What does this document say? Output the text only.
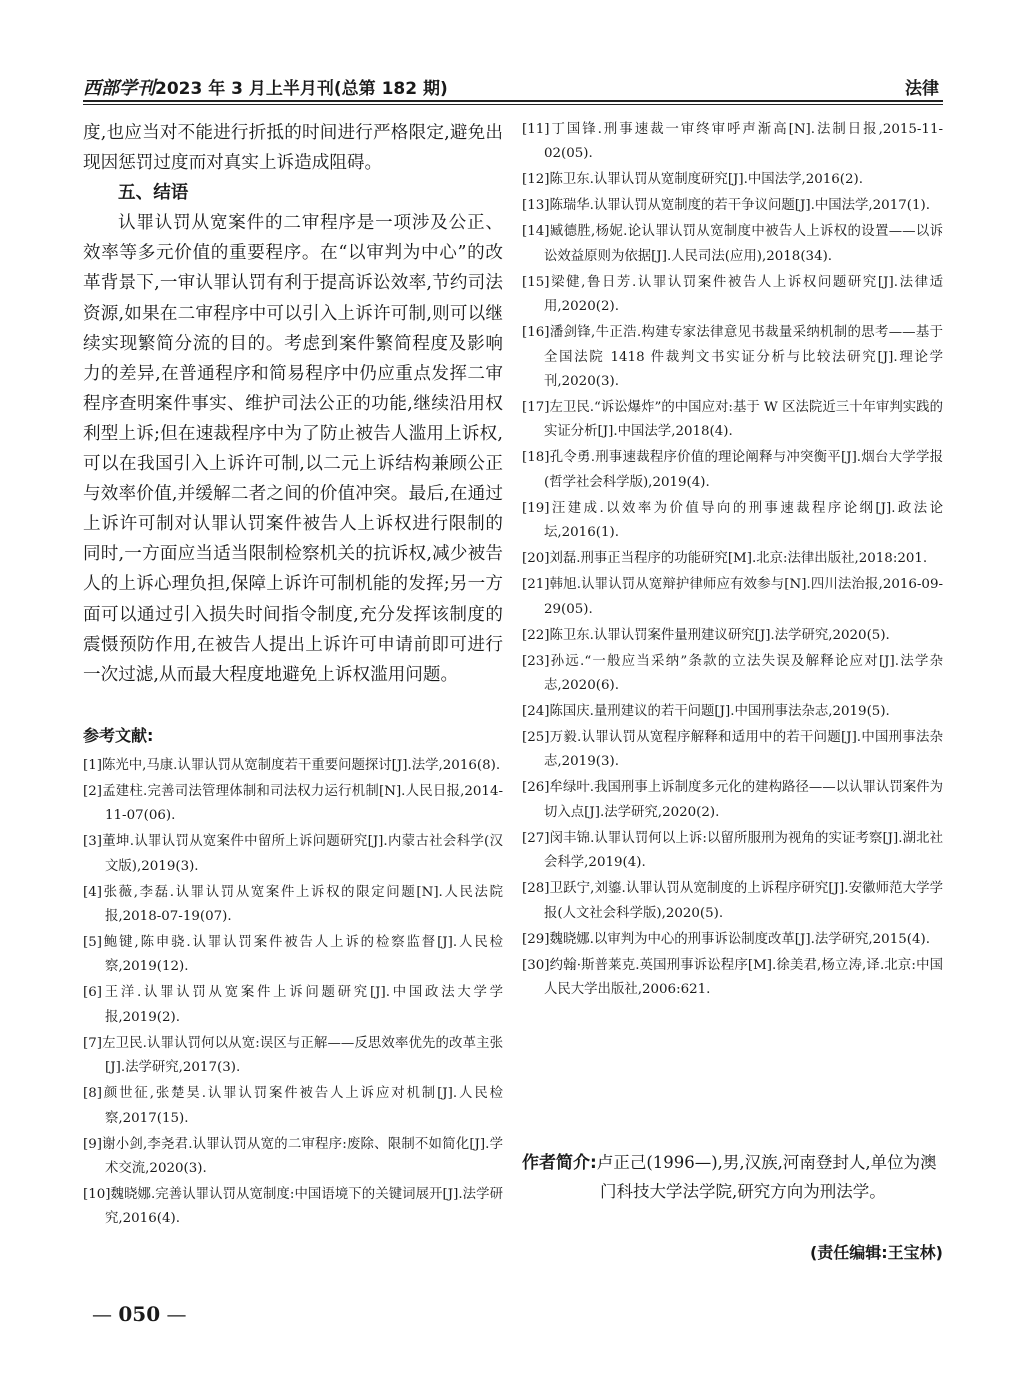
西部学刊2023 年 3 月上半月刊(总第 182 期)	法律

度,也应当对不能进行折抵的时间进行严格限定,避免出现因惩罚过度而对真实上诉造成阻碍。

五、结语

认罪认罚从宽案件的二审程序是一项涉及公正、效率等多元价值的重要程序。在“以审判为中心”的改革背景下,一审认罪认罚有利于提高诉讼效率,节约司法资源,如果在二审程序中可以引入上诉许可制,则可以继续实现繁简分流的目的。考虑到案件繁简程度及影响力的差异,在普通程序和简易程序中仍应重点发挥二审程序查明案件事实、维护司法公正的功能,继续沿用权利型上诉;但在速裁程序中为了防止被告人滥用上诉权,可以在我国引入上诉许可制,以二元上诉结构兼顾公正与效率价值,并缓解二者之间的价值冲突。最后,在通过上诉许可制对认罪认罚案件被告人上诉权进行限制的同时,一方面应当适当限制检察机关的抗诉权,减少被告人的上诉心理负担,保障上诉许可制机能的发挥;另一方面可以通过引入损失时间指令制度,充分发挥该制度的震慑预防作用,在被告人提出上诉许可申请前即可进行一次过滤,从而最大程度地避免上诉权滥用问题。

参考文献:

[1]陈光中,马康.认罪认罚从宽制度若干重要问题探讨[J].法学,2016(8).

[2]孟建柱.完善司法管理体制和司法权力运行机制[N].人民日报,2014-11-07(06).

[3]董坤.认罪认罚从宽案件中留所上诉问题研究[J].内蒙古社会科学(汉文版),2019(3).

[4]张薇,李磊.认罪认罚从宽案件上诉权的限定问题[N].人民法院报,2018-07-19(07).

[5]鲍键,陈申骁.认罪认罚案件被告人上诉的检察监督[J].人民检察,2019(12).

[6]王洋.认罪认罚从宽案件上诉问题研究[J].中国政法大学学报,2019(2).

[7]左卫民.认罪认罚何以从宽:误区与正解——反思效率优先的改革主张[J].法学研究,2017(3).

[8]颜世征,张楚昊.认罪认罚案件被告人上诉应对机制[J].人民检察,2017(15).

[9]谢小剑,李尧君.认罪认罚从宽的二审程序:废除、限制不如简化[J].学术交流,2020(3).

[10]魏晓娜.完善认罪认罚从宽制度:中国语境下的关键词展开[J].法学研究,2016(4).

[11]丁国锋.刑事速裁一审终审呼声渐高[N].法制日报,2015-11-02(05).

[12]陈卫东.认罪认罚从宽制度研究[J].中国法学,2016(2).

[13]陈瑞华.认罪认罚从宽制度的若干争议问题[J].中国法学,2017(1).

[14]臧德胜,杨妮.论认罪认罚从宽制度中被告人上诉权的设置——以诉讼效益原则为依据[J].人民司法(应用),2018(34).

[15]梁健,鲁日芳.认罪认罚案件被告人上诉权问题研究[J].法律适用,2020(2).

[16]潘剑锋,牛正浩.构建专家法律意见书裁量采纳机制的思考——基于全国法院 1418 件裁判文书实证分析与比较法研究[J].理论学刊,2020(3).

[17]左卫民.“诉讼爆炸”的中国应对:基于 W 区法院近三十年审判实践的实证分析[J].中国法学,2018(4).

[18]孔令勇.刑事速裁程序价值的理论阐释与冲突衡平[J].烟台大学学报(哲学社会科学版),2019(4).

[19]汪建成.以效率为价值导向的刑事速裁程序论纲[J].政法论坛,2016(1).

[20]刘磊.刑事正当程序的功能研究[M].北京:法律出版社,2018:201.

[21]韩旭.认罪认罚从宽辩护律师应有效参与[N].四川法治报,2016-09-29(05).

[22]陈卫东.认罪认罚案件量刑建议研究[J].法学研究,2020(5).

[23]孙远.“一般应当采纳”条款的立法失误及解释论应对[J].法学杂志,2020(6).

[24]陈国庆.量刑建议的若干问题[J].中国刑事法杂志,2019(5).

[25]万毅.认罪认罚从宽程序解释和适用中的若干问题[J].中国刑事法杂志,2019(3).

[26]牟绿叶.我国刑事上诉制度多元化的建构路径——以认罪认罚案件为切入点[J].法学研究,2020(2).

[27]闵丰锦.认罪认罚何以上诉:以留所服刑为视角的实证考察[J].湖北社会科学,2019(4).

[28]卫跃宁,刘鎏.认罪认罚从宽制度的上诉程序研究[J].安徽师范大学学报(人文社会科学版),2020(5).

[29]魏晓娜.以审判为中心的刑事诉讼制度改革[J].法学研究,2015(4).

[30]约翰·斯普莱克.英国刑事诉讼程序[M].徐美君,杨立涛,译.北京:中国人民大学出版社,2006:621.

作者简介:卢正己(1996—),男,汉族,河南登封人,单位为澳门科技大学法学院,研究方向为刑法学。

(责任编辑:王宝林)
— 050 —
